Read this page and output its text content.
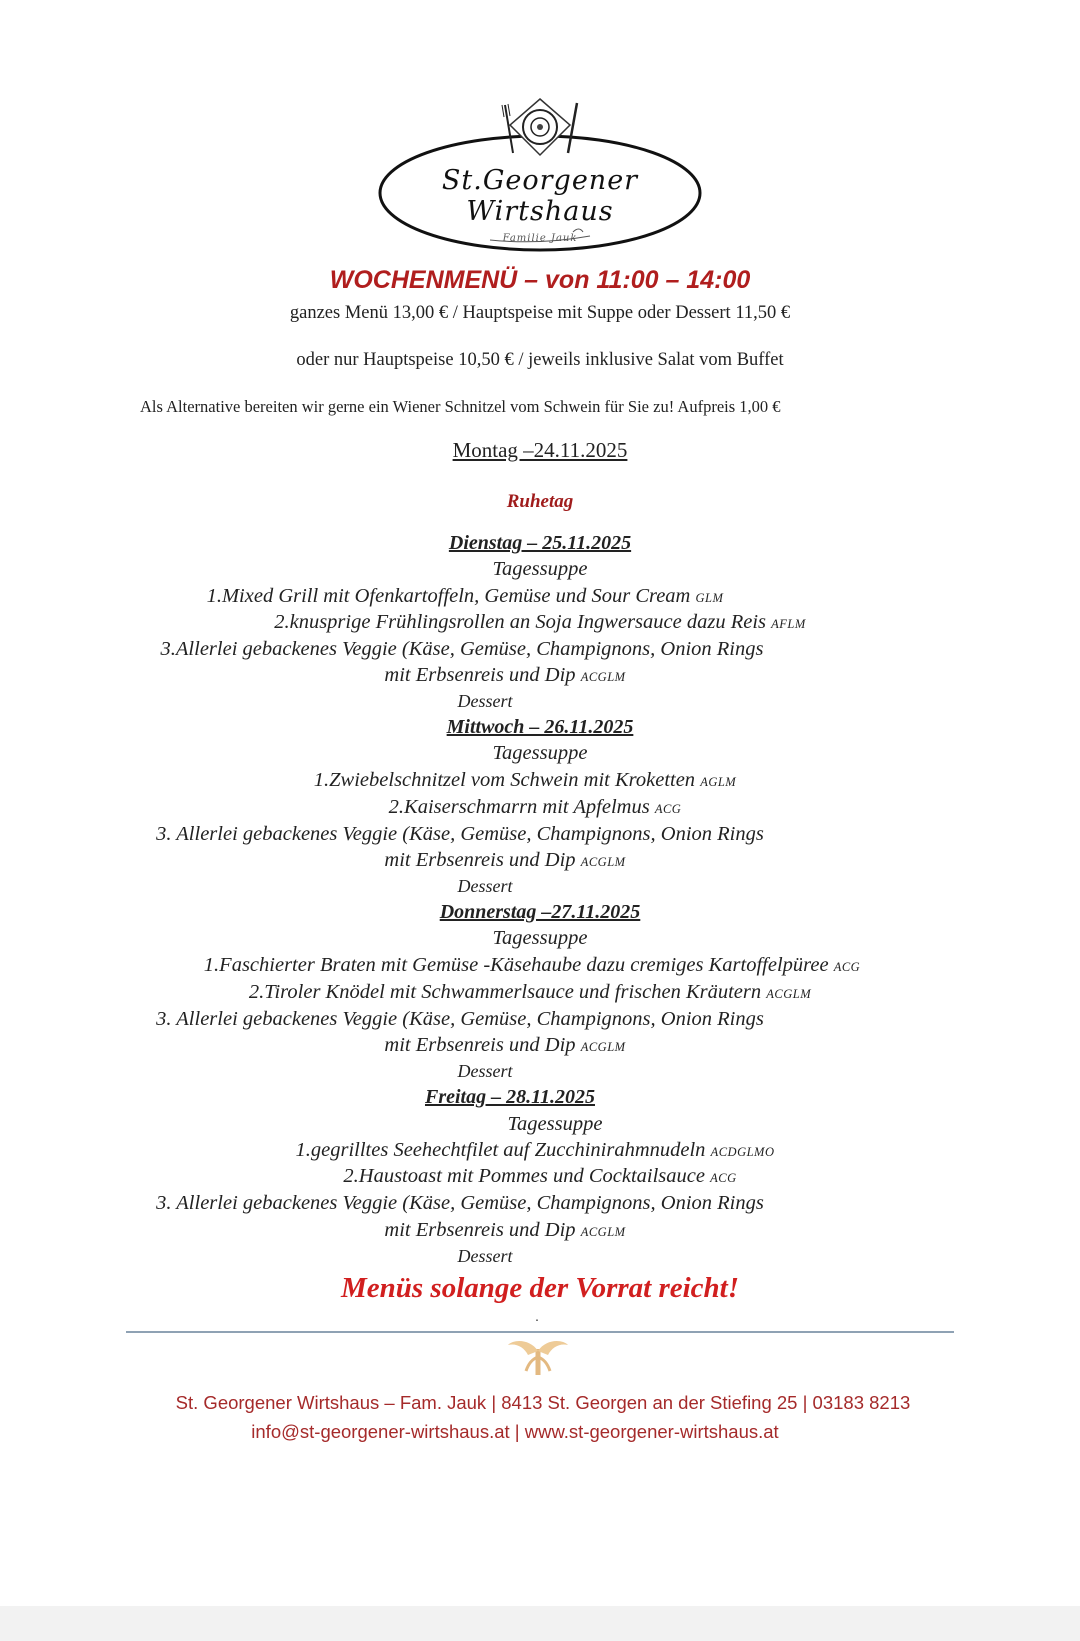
St.Georgener Wirtshaus
Familie Jauk
WOCHENMENÜ – von 11:00 – 14:00
ganzes Menü 13,00 € / Hauptspeise mit Suppe oder Dessert 11,50 €
oder nur Hauptspeise 10,50 € / jeweils inklusive Salat vom Buffet
Als Alternative bereiten wir gerne ein Wiener Schnitzel vom Schwein für Sie zu! Aufpreis 1,00 €
Montag –24.11.2025
Ruhetag
Dienstag – 25.11.2025
Tagessuppe
1.Mixed Grill mit Ofenkartoffeln, Gemüse und Sour Cream GLM
2.knusprige Frühlingsrollen an Soja Ingwersauce dazu Reis AFLM
3.Allerlei gebackenes Veggie (Käse, Gemüse, Champignons, Onion Rings
mit Erbsenreis und Dip ACGLM
Dessert
Mittwoch – 26.11.2025
Tagessuppe
1.Zwiebelschnitzel vom Schwein mit Kroketten AGLM
2.Kaiserschmarrn mit Apfelmus ACG
3. Allerlei gebackenes Veggie (Käse, Gemüse, Champignons, Onion Rings
mit Erbsenreis und Dip ACGLM
Dessert
Donnerstag –27.11.2025
Tagessuppe
1.Faschierter Braten mit Gemüse -Käsehaube dazu cremiges Kartoffelpüree ACG
2.Tiroler Knödel mit Schwammerlsauce und frischen Kräutern ACGLM
3. Allerlei gebackenes Veggie (Käse, Gemüse, Champignons, Onion Rings
mit Erbsenreis und Dip ACGLM
Dessert
Freitag – 28.11.2025
Tagessuppe
1.gegrilltes Seehechtfilet auf Zucchinirahmnudeln ACDGLMO
2.Haustoast mit Pommes und Cocktailsauce ACG
3. Allerlei gebackenes Veggie (Käse, Gemüse, Champignons, Onion Rings
mit Erbsenreis und Dip ACGLM
Dessert
Menüs solange der Vorrat reicht!
.
St. Georgener Wirtshaus – Fam. Jauk | 8413 St. Georgen an der Stiefing 25 | 03183 8213
info@st-georgener-wirtshaus.at | www.st-georgener-wirtshaus.at
